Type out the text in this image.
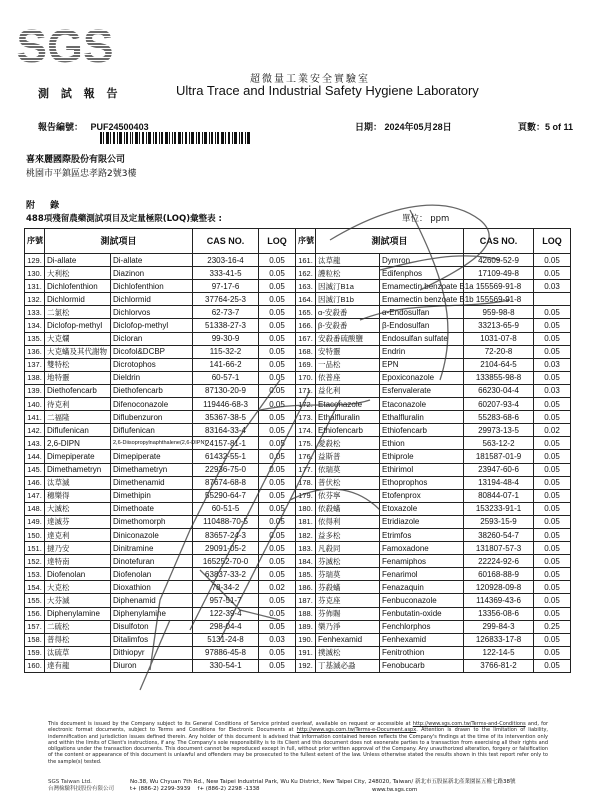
SGS
超微量工業安全實驗室
測 試 報 告	Ultra Trace and Industrial Safety Hygiene Laboratory
報告編號： PUF24500403	日期： 2024年05月28日	頁數：5 of 11
喜來麗國際股份有限公司
桃園市平鎮區忠孝路2號3樓
附 錄
488項殘留農藥測試項目及定量極限(LOQ)彙整表 :	單位： ppm
序號	測試項目		CAS NO.	LOQ	序號	測試項目		CAS NO.	LOQ
129.	Di-allate	Di-allate	2303-16-4	0.05	161.	汰草龍	Dymron	42609-52-9	0.05
130.	大利松	Diazinon	333-41-5	0.05	162.	護粒松	Edifenphos	17109-49-8	0.05
131.	Dichlofenthion	Dichlofenthion	97-17-6	0.05	163.	因滅汀B1a	Emamectin benzoate B1a	155569-91-8	0.03
132.	Dichlormid	Dichlormid	37764-25-3	0.05	164.	因滅汀B1b	Emamectin benzoate B1b	155569-91-8	
133.	二氯松	Dichlorvos	62-73-7	0.05	165.	α-安殺番	α-Endosulfan	959-98-8	0.05
134.	Diclofop-methyl	Diclofop-methyl	51338-27-3	0.05	166.	β-安殺番	β-Endosulfan	33213-65-9	0.05
135.	大克爛	Dicloran	99-30-9	0.05	167.	安殺番硫酸鹽	Endosulfan sulfate	1031-07-8	0.05
136.	大克蟎及其代謝物	Dicofol&DCBP	115-32-2	0.05	168.	安特靈	Endrin	72-20-8	0.05
137.	雙特松	Dicrotophos	141-66-2	0.05	169.	一品松	EPN	2104-64-5	0.03
138.	地特靈	Dieldrin	60-57-1	0.05	170.	依普座	Epoxiconazole	133855-98-8	0.05
139.	Diethofencarb	Diethofencarb	87130-20-9	0.05	171.	益化利	Esfenvalerate	66230-04-4	0.03
140.	待克利	Difenoconazole	119446-68-3	0.05	172.	Etaconazole	Etaconazole	60207-93-4	0.05
141.	二福隆	Diflubenzuron	35367-38-5	0.05	173.	Ethalfluralin	Ethalfluralin	55283-68-6	0.05
142.	Diflufenican	Diflufenican	83164-33-4	0.05	174.	Ethiofencarb	Ethiofencarb	29973-13-5	0.02
143.	2,6-DIPN	2,6-Diisopropylnaphthalene(2,6-DIPN)	24157-81-1	0.05	175.	愛殺松	Ethion	563-12-2	0.05
144.	Dimepiperate	Dimepiperate	61432-55-1	0.05	176.	益斯普	Ethiprole	181587-01-9	0.05
145.	Dimethametryn	Dimethametryn	22936-75-0	0.05	177.	依瑞莫	Ethirimol	23947-60-6	0.05
146.	汰草滅	Dimethenamid	87674-68-8	0.05	178.	普伏松	Ethoprophos	13194-48-4	0.05
147.	穗樂得	Dimethipin	55290-64-7	0.05	179.	依芬寧	Etofenprox	80844-07-1	0.05
148.	大滅松	Dimethoate	60-51-5	0.05	180.	依殺蟎	Etoxazole	153233-91-1	0.05
149.	達滅芬	Dimethomorph	110488-70-5	0.05	181.	依得利	Etridiazole	2593-15-9	0.05
150.	達克利	Diniconazole	83657-24-3	0.05	182.	益多松	Etrimfos	38260-54-7	0.05
151.	撻乃安	Dinitramine	29091-05-2	0.05	183.	凡殺同	Famoxadone	131807-57-3	0.05
152.	達特南	Dinotefuran	165252-70-0	0.05	184.	芬滅松	Fenamiphos	22224-92-6	0.05
153.	Diofenolan	Diofenolan	63837-33-2	0.05	185.	芬瑞莫	Fenarimol	60168-88-9	0.05
154.	大克松	Dioxathion	78-34-2	0.02	186.	芬殺蟎	Fenazaquin	120928-09-8	0.05
155.	大芬滅	Diphenamid	957-51-7	0.05	187.	芬克座	Fenbuconazole	114369-43-6	0.05
156.	Diphenylamine	Diphenylamine	122-39-4	0.05	188.	芬佈賜	Fenbutatin-oxide	13356-08-6	0.05
157.	二硫松	Disulfoton	298-04-4	0.05	189.	樂乃淨	Fenchlorphos	299-84-3	0.25
158.	普得松	Ditalimfos	5131-24-8	0.03	190.	Fenhexamid	Fenhexamid	126833-17-8	0.05
159.	汰硫草	Dithiopyr	97886-45-8	0.05	191.	撲滅松	Fenitrothion	122-14-5	0.05
160.	達有龍	Diuron	330-54-1	0.05	192.	丁基滅必蝨	Fenobucarb	3766-81-2	0.05
This document is issued by the Company subject to its General Conditions of Service printed overleaf, available on request or accessible at http://www.sgs.com.tw/Terms-and-Conditions and, for electronic format documents, subject to Terms and Conditions for Electronic Documents at http://www.sgs.com.tw/Terms-e-Document.aspx. Attention is drawn to the limitation of liability, indemnification and jurisdiction issues defined therein. Any holder of this document is advised that information contained hereon reflects the Company's findings at the time of its intervention only and within the limits of Client's instructions, if any. The Company's sole responsibility is to its Client and this document does not exonerate parties to a transaction from exercising all their rights and obligations under the transaction documents. This document cannot be reproduced except in full, without prior written approval of the Company. Any unauthorized alteration, forgery or falsification of the content or appearance of this document is unlawful and offenders may be prosecuted to the fullest extent of the law. Unless otherwise stated the results shown in this test report refer only to the sample(s) tested.
SGS Taiwan Ltd.
台灣檢驗科技股份有限公司
No.38, Wu Chyuan 7th Rd., New Taipei Industrial Park, Wu Ku District, New Taipei City, 248020, Taiwan/ 新北市五股區新北產業園區五權七路38號
t+ (886-2) 2299-3939 f+ (886-2) 2298 -1338	www.tw.sgs.com
